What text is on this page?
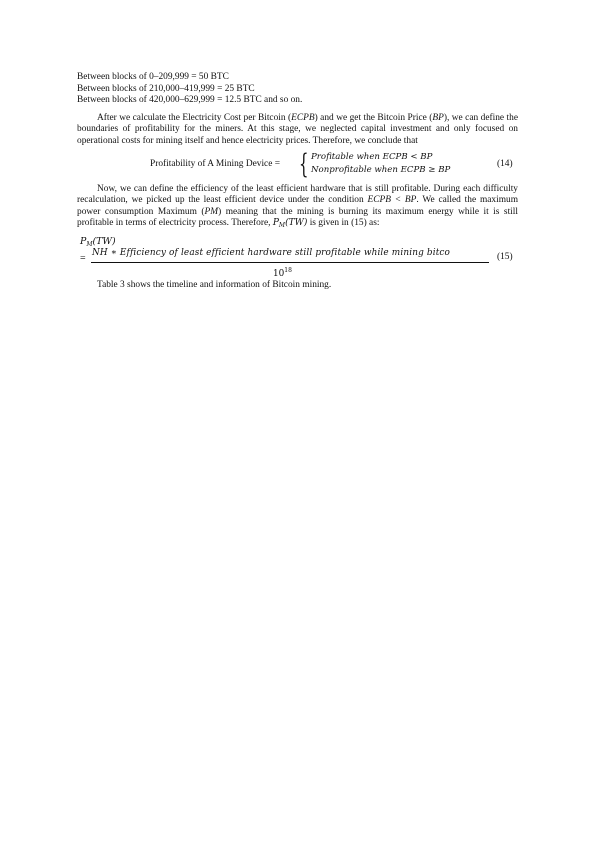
Between blocks of 0–209,999 = 50 BTC
Between blocks of 210,000–419,999 = 25 BTC
Between blocks of 420,000–629,999 = 12.5 BTC and so on.

After we calculate the Electricity Cost per Bitcoin (ECPB) and we get the Bitcoin Price (BP), we can define the boundaries of profitability for the miners. At this stage, we neglected capital investment and only focused on operational costs for mining itself and hence electricity prices. Therefore, we conclude that

Profitability of A Mining Device = { Profitable when ECPB < BP
Nonprofitable when ECPB ≥ BP
(14)

Now, we can define the efficiency of the least efficient hardware that is still profitable. During each difficulty recalculation, we picked up the least efficient device under the condition ECPB < BP. We called the maximum power consumption Maximum (PM) meaning that the mining is burning its maximum energy while it is still profitable in terms of electricity process. Therefore, $P_M(TW)$ is given in (15) as:

$P_M(TW)$
= NH ∗ Efficiency of least efficient hardware still profitable while mining bitco
$10^{18}$
(15)

Table 3 shows the timeline and information of Bitcoin mining.
